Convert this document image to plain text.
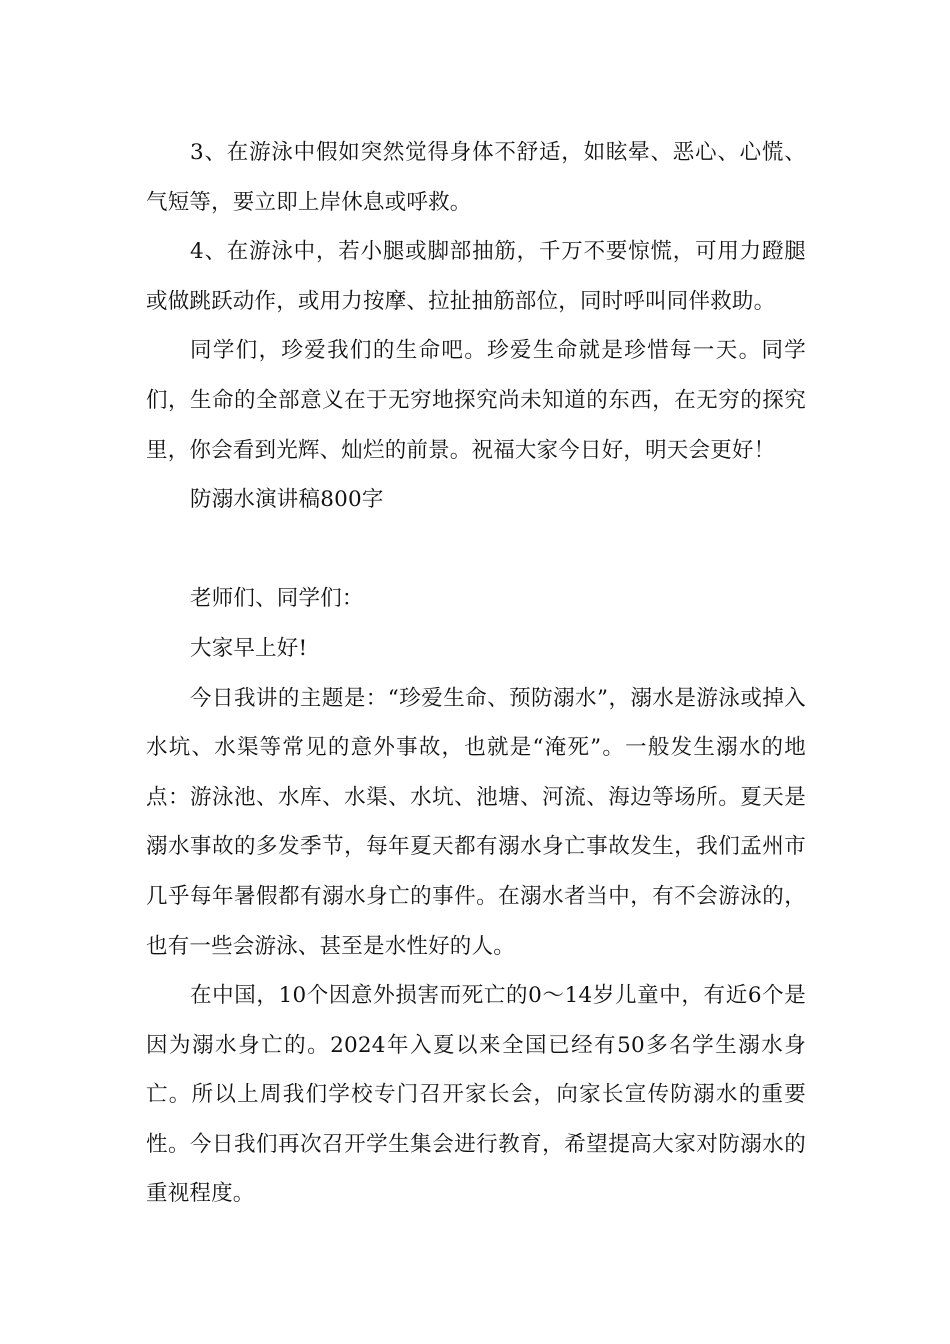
3、在游泳中假如突然觉得身体不舒适，如眩晕、恶心、心慌、气短等，要立即上岸休息或呼救。

4、在游泳中，若小腿或脚部抽筋，千万不要惊慌，可用力蹬腿或做跳跃动作，或用力按摩、拉扯抽筋部位，同时呼叫同伴救助。

同学们，珍爱我们的生命吧。珍爱生命就是珍惜每一天。同学们，生命的全部意义在于无穷地探究尚未知道的东西，在无穷的探究里，你会看到光辉、灿烂的前景。祝福大家今日好，明天会更好！

防溺水演讲稿800字

老师们、同学们：

大家早上好!

今日我讲的主题是：“珍爱生命、预防溺水”，溺水是游泳或掉入水坑、水渠等常见的意外事故，也就是“淹死”。一般发生溺水的地点：游泳池、水库、水渠、水坑、池塘、河流、海边等场所。夏天是溺水事故的多发季节，每年夏天都有溺水身亡事故发生，我们孟州市几乎每年暑假都有溺水身亡的事件。在溺水者当中，有不会游泳的，也有一些会游泳、甚至是水性好的人。

在中国，10个因意外损害而死亡的0～14岁儿童中，有近6个是因为溺水身亡的。2024年入夏以来全国已经有50多名学生溺水身亡。所以上周我们学校专门召开家长会，向家长宣传防溺水的重要性。今日我们再次召开学生集会进行教育，希望提高大家对防溺水的重视程度。
